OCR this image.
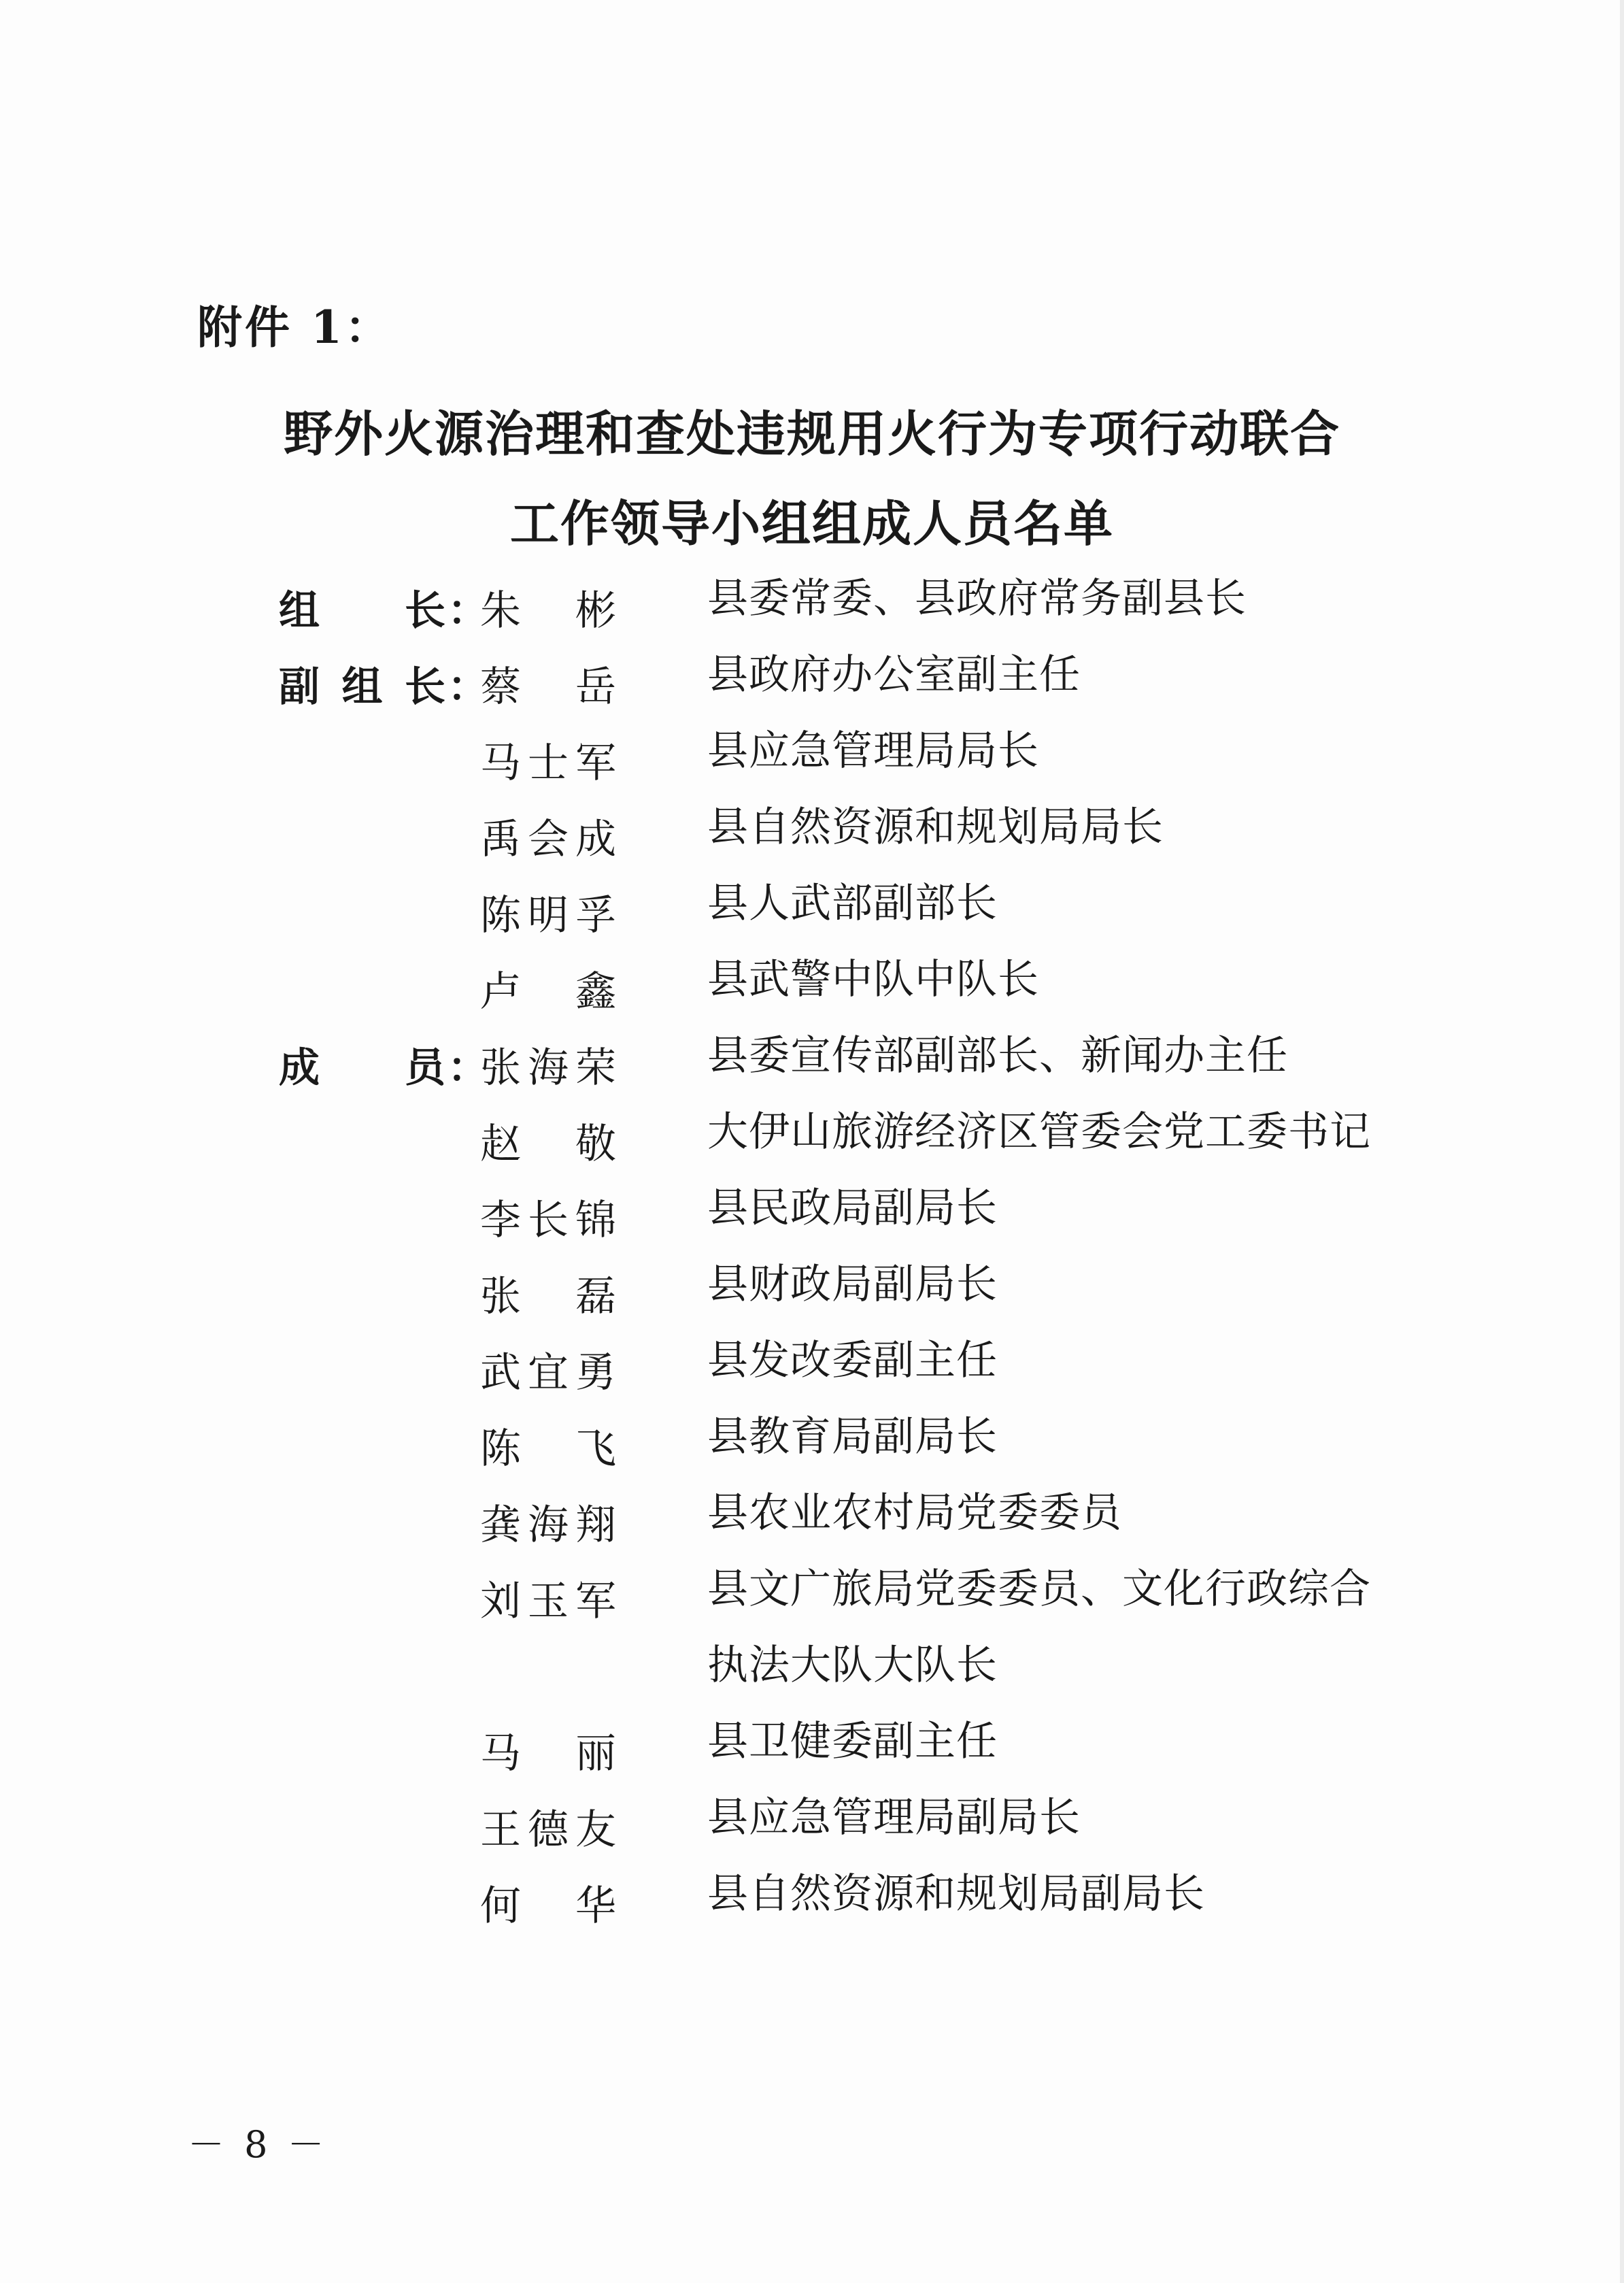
附件 1：
野外火源治理和查处违规用火行为专项行动联合
工作领导小组组成人员名单
组长 ：
朱彬 县委常委、县政府常务副县长
副组长 ：
蔡岳 县政府办公室副主任
马士军 县应急管理局局长
禹会成 县自然资源和规划局局长
陈明孚 县人武部副部长
卢鑫 县武警中队中队长
成员 ：
张海荣 县委宣传部副部长、新闻办主任
赵敬 大伊山旅游经济区管委会党工委书记
李长锦 县民政局副局长
张磊 县财政局副局长
武宜勇 县发改委副主任
陈飞 县教育局副局长
龚海翔 县农业农村局党委委员
刘玉军 县文广旅局党委委员、文化行政综合执法大队大队长
马丽 县卫健委副主任
王德友 县应急管理局副局长
何华 县自然资源和规划局副局长
－ 8 －
